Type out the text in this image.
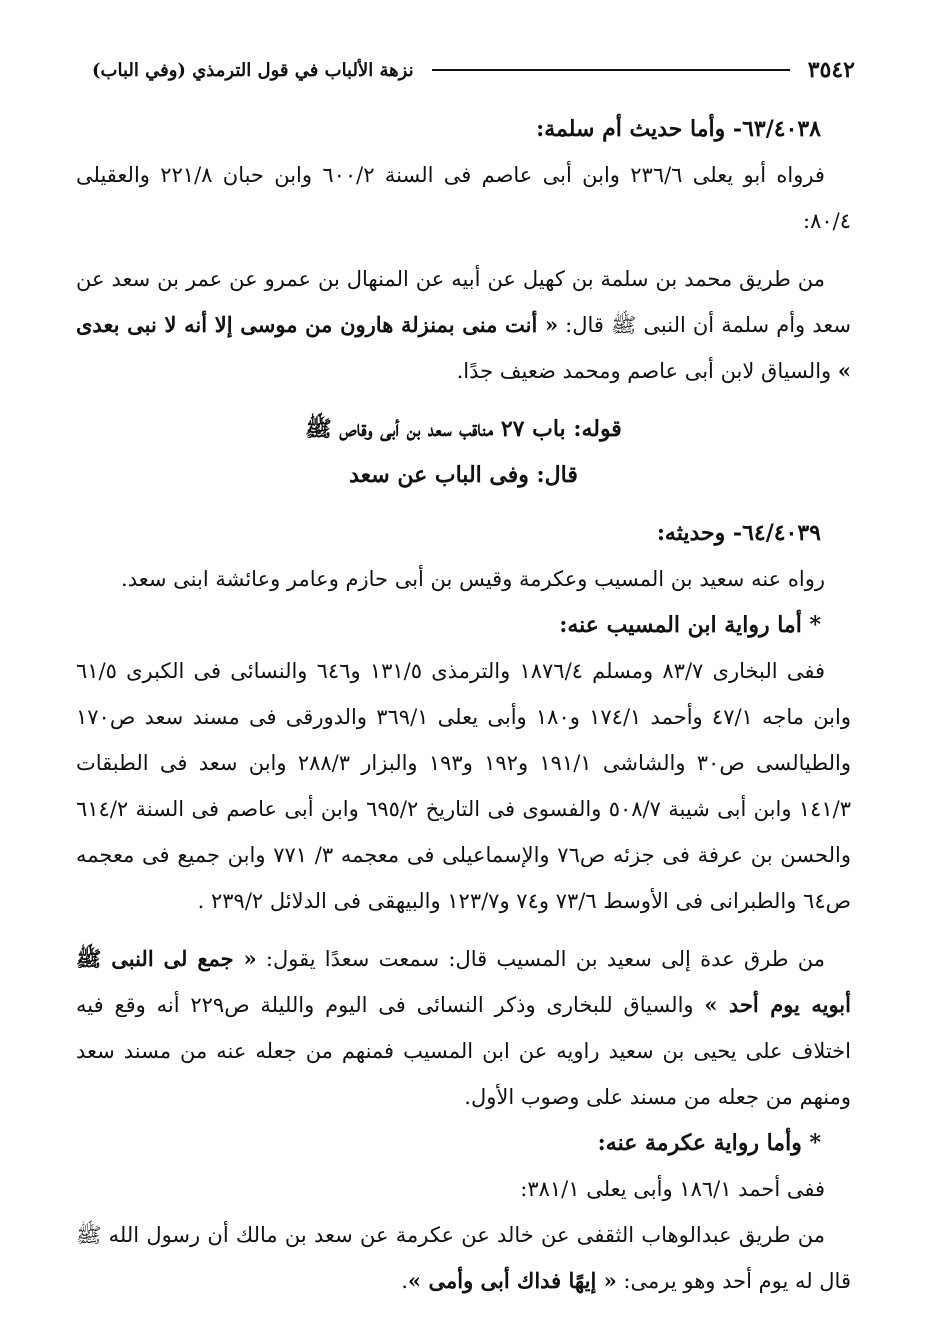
٣٥٤٢
نزهة الألباب في قول الترمذي (وفي الباب)

٦٣/٤٠٣٨- وأما حديث أم سلمة:

فرواه أبو يعلى ٢٣٦/٦ وابن أبى عاصم فى السنة ٦٠٠/٢ وابن حبان ٢٢١/٨ والعقيلى ٨٠/٤:

من طريق محمد بن سلمة بن كهيل عن أبيه عن المنهال بن عمرو عن عمر بن سعد عن سعد وأم سلمة أن النبى ﷺ قال: « أنت منى بمنزلة هارون من موسى إلا أنه لا نبى بعدى » والسياق لابن أبى عاصم ومحمد ضعيف جدًا.

قوله: باب ٢٧ مناقب سعد بن أبى وقاص ﷺ

قال: وفى الباب عن سعد

٦٤/٤٠٣٩- وحديثه:

رواه عنه سعيد بن المسيب وعكرمة وقيس بن أبى حازم وعامر وعائشة ابنى سعد.

* أما رواية ابن المسيب عنه:

ففى البخارى ٨٣/٧ ومسلم ١٨٧٦/٤ والترمذى ١٣١/٥ و٦٤٦ والنسائى فى الكبرى ٦١/٥ وابن ماجه ٤٧/١ وأحمد ١٧٤/١ و١٨٠ وأبى يعلى ٣٦٩/١ والدورقى فى مسند سعد ص١٧٠ والطيالسى ص٣٠ والشاشى ١٩١/١ و١٩٢ و١٩٣ والبزار ٢٨٨/٣ وابن سعد فى الطبقات ١٤١/٣ وابن أبى شيبة ٥٠٨/٧ والفسوى فى التاريخ ٦٩٥/٢ وابن أبى عاصم فى السنة ٦١٤/٢ والحسن بن عرفة فى جزئه ص٧٦ والإسماعيلى فى معجمه ٣/ ٧٧١ وابن جميع فى معجمه ص٦٤ والطبرانى فى الأوسط ٧٣/٦ و٧٤ و١٢٣/٧ والبيهقى فى الدلائل ٢٣٩/٢ .

من طرق عدة إلى سعيد بن المسيب قال: سمعت سعدًا يقول: « جمع لى النبى ﷺ أبويه يوم أحد » والسياق للبخارى وذكر النسائى فى اليوم والليلة ص٢٢٩ أنه وقع فيه اختلاف على يحيى بن سعيد راويه عن ابن المسيب فمنهم من جعله عنه من مسند سعد ومنهم من جعله من مسند على وصوب الأول.

* وأما رواية عكرمة عنه:

ففى أحمد ١٨٦/١ وأبى يعلى ٣٨١/١:

من طريق عبدالوهاب الثقفى عن خالد عن عكرمة عن سعد بن مالك أن رسول الله ﷺ قال له يوم أحد وهو يرمى: « إيهًا فداك أبى وأمى ».
